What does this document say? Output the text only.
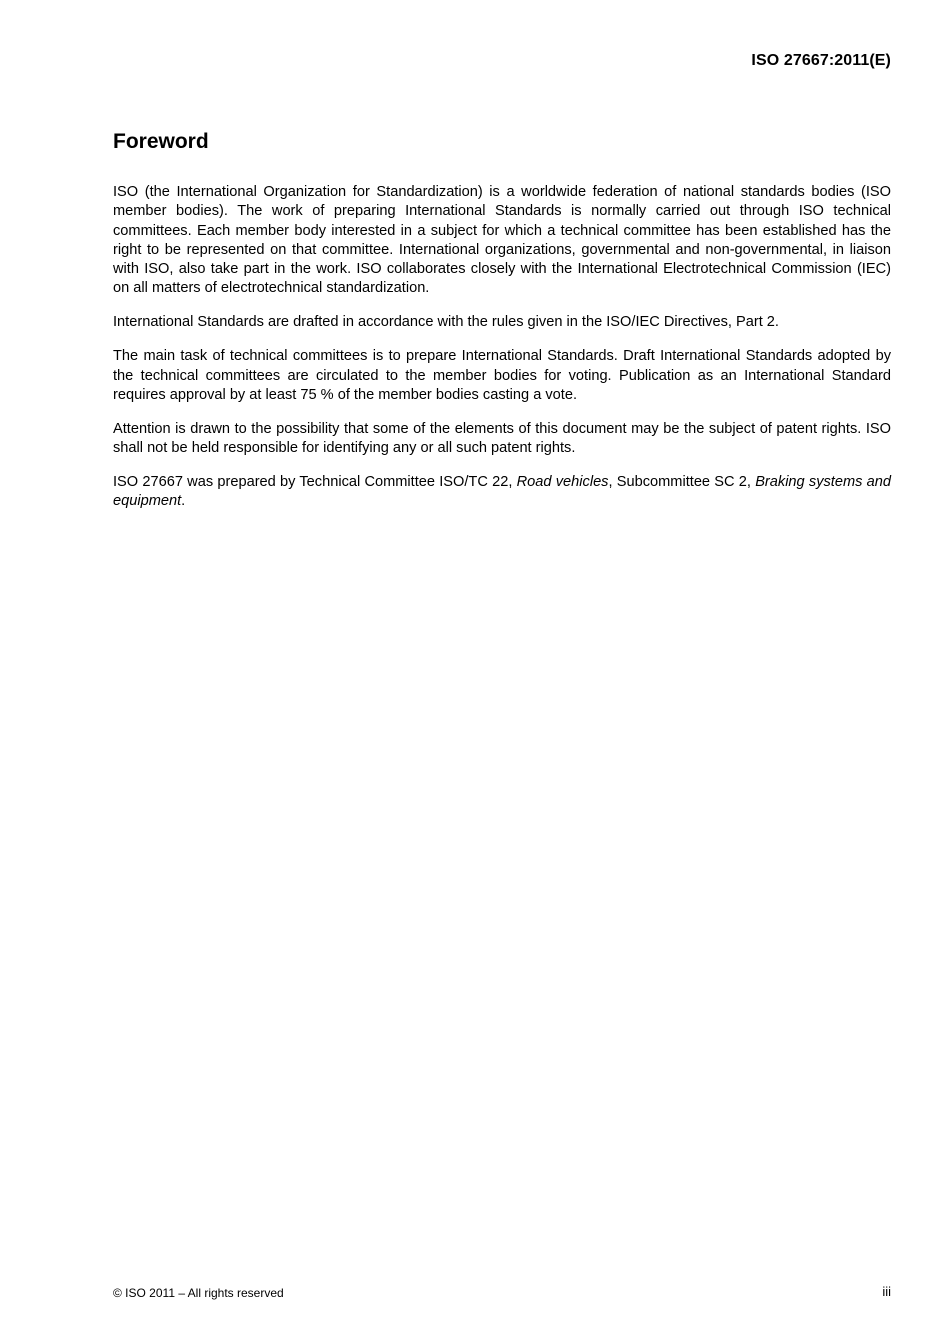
ISO 27667:2011(E)
Foreword

ISO (the International Organization for Standardization) is a worldwide federation of national standards bodies (ISO member bodies). The work of preparing International Standards is normally carried out through ISO technical committees. Each member body interested in a subject for which a technical committee has been established has the right to be represented on that committee. International organizations, governmental and non-governmental, in liaison with ISO, also take part in the work. ISO collaborates closely with the International Electrotechnical Commission (IEC) on all matters of electrotechnical standardization.

International Standards are drafted in accordance with the rules given in the ISO/IEC Directives, Part 2.

The main task of technical committees is to prepare International Standards. Draft International Standards adopted by the technical committees are circulated to the member bodies for voting. Publication as an International Standard requires approval by at least 75 % of the member bodies casting a vote.

Attention is drawn to the possibility that some of the elements of this document may be the subject of patent rights. ISO shall not be held responsible for identifying any or all such patent rights.

ISO 27667 was prepared by Technical Committee ISO/TC 22, Road vehicles, Subcommittee SC 2, Braking systems and equipment.

© ISO 2011 – All rights reserved	iii
